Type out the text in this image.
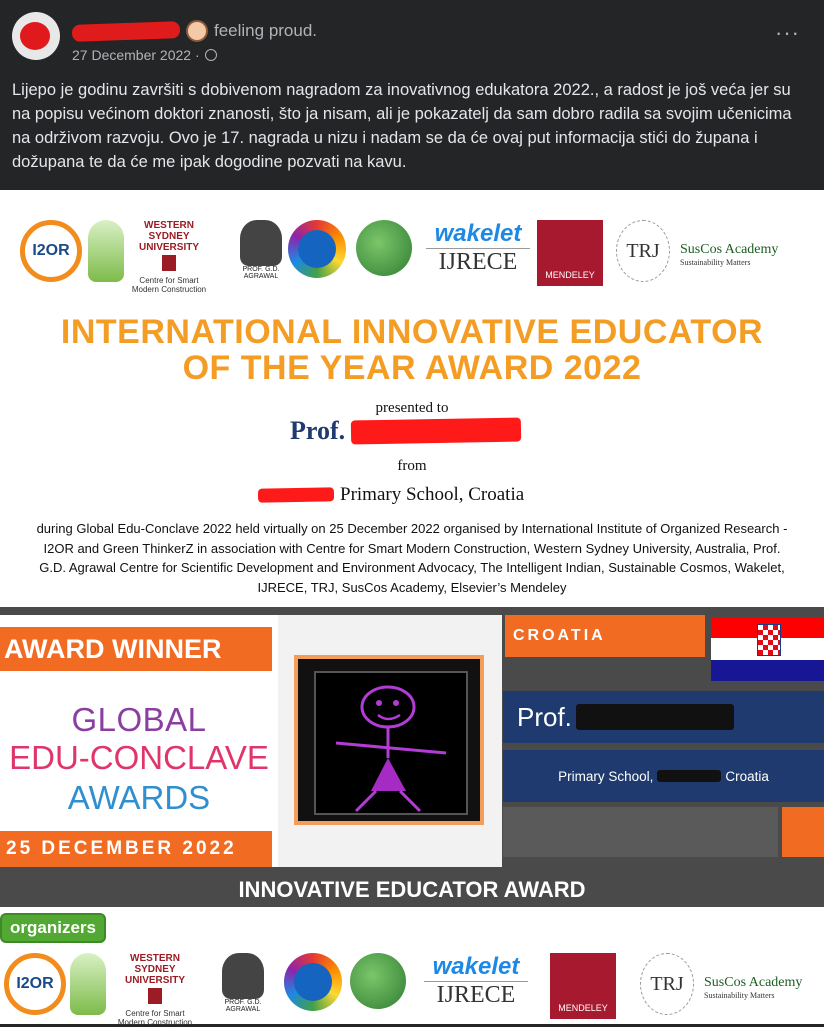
feeling proud.
27 December 2022 ·
···
Lijepo je godinu završiti s dobivenom nagradom za inovativnog edukatora 2022., a radost je još veća jer su na popisu većinom doktori znanosti, što ja nisam, ali je pokazatelj da sam dobro radila sa svojim učenicima na održivom razvoju. Ovo je 17. nagrada u nizu i nadam se da će ovaj put informacija stići do župana i dožupana te da će me ipak dogodine pozvati na kavu.
I2OR
WESTERN SYDNEY UNIVERSITY
Centre for Smart Modern Construction
PROF. G.D. AGRAWAL
wakelet
IJRECE	MENDELEY
TRJ	SusCos Academy
Sustainability Matters
INTERNATIONAL INNOVATIVE EDUCATOR
OF THE YEAR AWARD 2022
presented to
Prof.
from
Primary School, Croatia
during Global Edu-Conclave 2022 held virtually on 25 December 2022 organised by International Institute of Organized Research - I2OR and Green ThinkerZ in association with Centre for Smart Modern Construction, Western Sydney University, Australia, Prof. G.D. Agrawal Centre for Scientific Development and Environment Advocacy, The Intelligent Indian, Sustainable Cosmos, Wakelet, IJRECE, TRJ, SusCos Academy, Elsevier’s Mendeley
AWARD WINNER
GLOBAL
EDU-CONCLAVE
AWARDS
25 DECEMBER 2022
CROATIA
Prof.
Primary School,	Croatia
INNOVATIVE EDUCATOR AWARD
organizers
I2OR
WESTERN SYDNEY UNIVERSITY
Centre for Smart Modern Construction
PROF. G.D. AGRAWAL
wakelet
IJRECE	MENDELEY
TRJ	SusCos Academy
Sustainability Matters
